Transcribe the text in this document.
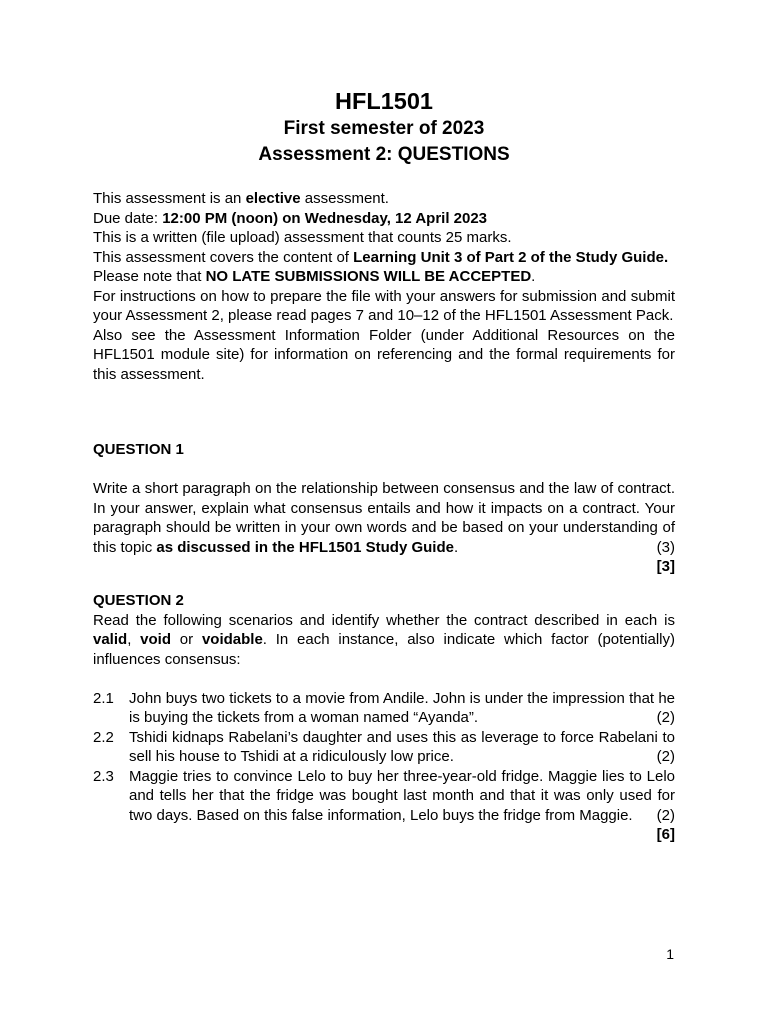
HFL1501
First semester of 2023
Assessment 2: QUESTIONS

This assessment is an elective assessment.

Due date: 12:00 PM (noon) on Wednesday, 12 April 2023

This is a written (file upload) assessment that counts 25 marks.

This assessment covers the content of Learning Unit 3 of Part 2 of the Study Guide.

Please note that NO LATE SUBMISSIONS WILL BE ACCEPTED.

For instructions on how to prepare the file with your answers for submission and submit your Assessment 2, please read pages 7 and 10–12 of the HFL1501 Assessment Pack.

Also see the Assessment Information Folder (under Additional Resources on the HFL1501 module site) for information on referencing and the formal requirements for this assessment.

QUESTION 1

Write a short paragraph on the relationship between consensus and the law of contract. In your answer, explain what consensus entails and how it impacts on a contract. Your paragraph should be written in your own words and be based on your understanding of this topic as discussed in the HFL1501 Study Guide.	(3)

[3]

QUESTION 2

Read the following scenarios and identify whether the contract described in each is valid, void or voidable. In each instance, also indicate which factor (potentially) influences consensus:

2.1	John buys two tickets to a movie from Andile. John is under the impression that he is buying the tickets from a woman named “Ayanda”.	(2)
2.2	Tshidi kidnaps Rabelani’s daughter and uses this as leverage to force Rabelani to sell his house to Tshidi at a ridiculously low price.	(2)
2.3	Maggie tries to convince Lelo to buy her three-year-old fridge. Maggie lies to Lelo and tells her that the fridge was bought last month and that it was only used for two days. Based on this false information, Lelo buys the fridge from Maggie. (2)
[6]
1
